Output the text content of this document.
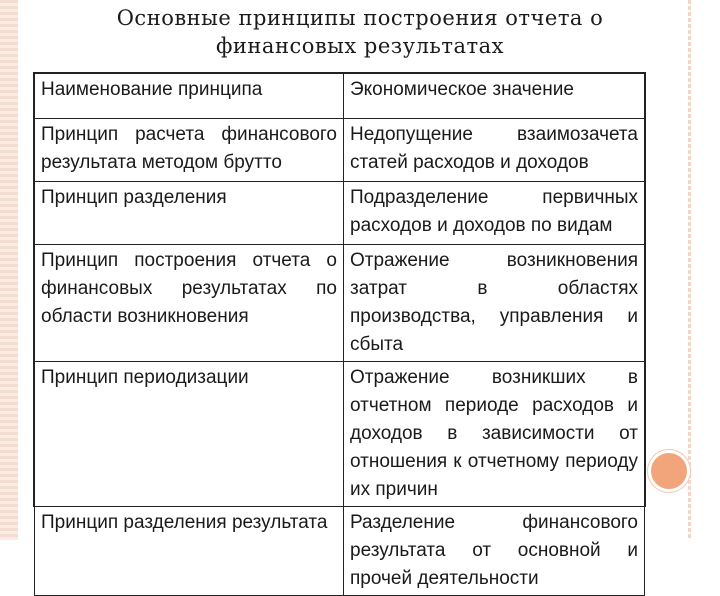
Основные принципы построения отчета о
финансовых результатах
Наименование принципа	Экономическое значение

Принцип расчета финансового результата методом брутто	Недопущение взаимозачета статей расходов и доходов

Принцип разделения	Подразделение первичных расходов и доходов по видам

Принцип построения отчета о финансовых результатах по области возникновения	Отражение возникновения затрат в областях производства, управления и сбыта

Принцип периодизации	Отражение возникших в отчетном периоде расходов и доходов в зависимости от отношения к отчетному периоду их причин

Принцип разделения результата	Разделение финансового результата от основной и прочей деятельности
